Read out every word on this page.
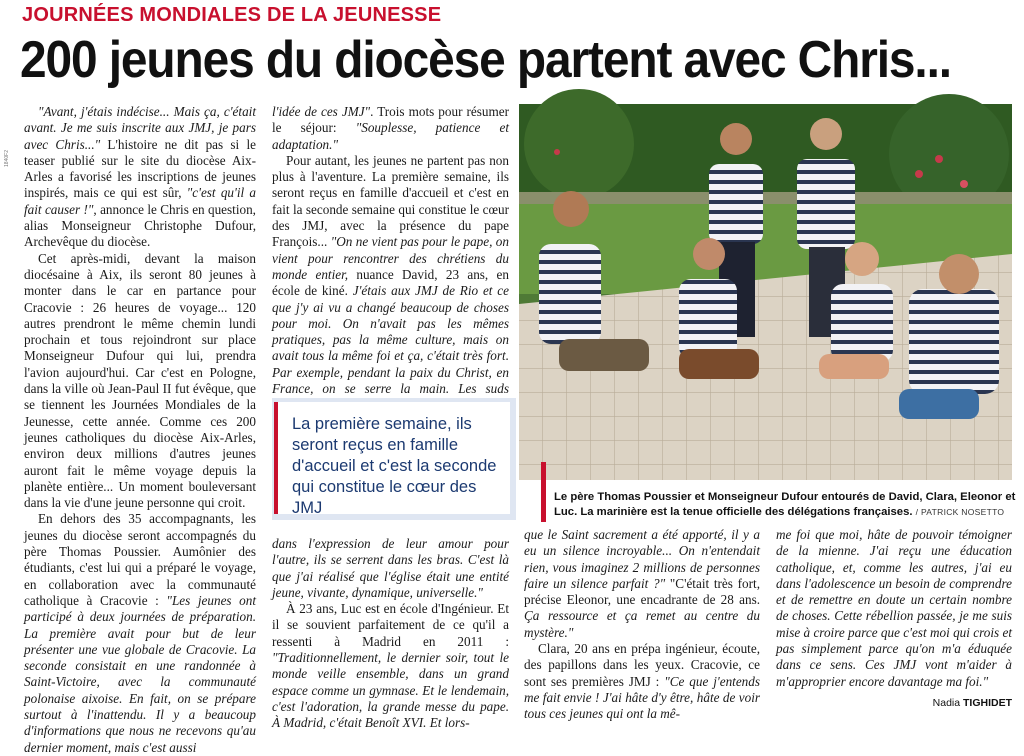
JOURNÉES MONDIALES DE LA JEUNESSE
200 jeunes du diocèse partent avec Chris...
1840F2

"Avant, j'étais indécise... Mais ça, c'était avant. Je me suis inscrite aux JMJ, je pars avec Chris..." L'histoire ne dit pas si le teaser publié sur le site du diocèse Aix-Arles a favorisé les inscriptions de jeunes inspirés, mais ce qui est sûr, "c'est qu'il a fait causer !", annonce le Chris en question, alias Monseigneur Christophe Dufour, Archevêque du diocèse.

Cet après-midi, devant la maison diocésaine à Aix, ils seront 80 jeunes à monter dans le car en partance pour Cracovie : 26 heures de voyage... 120 autres prendront le même chemin lundi prochain et tous rejoindront sur place Monseigneur Dufour qui lui, prendra l'avion aujourd'hui. Car c'est en Pologne, dans la ville où Jean-Paul II fut évêque, que se tiennent les Journées Mondiales de la Jeunesse, cette année. Comme ces 200 jeunes catholiques du diocèse Aix-Arles, environ deux millions d'autres jeunes auront fait le même voyage depuis la planète entière... Un moment bouleversant dans la vie d'une jeune personne qui croit.

En dehors des 35 accompagnants, les jeunes du diocèse seront accompagnés du père Thomas Poussier. Aumônier des étudiants, c'est lui qui a préparé le voyage, en collaboration avec la communauté catholique à Cracovie : "Les jeunes ont participé à deux journées de préparation. La première avait pour but de leur présenter une vue globale de Cracovie. La seconde consistait en une randonnée à Saint-Victoire, avec la communauté polonaise aixoise. En fait, on se prépare surtout à l'inattendu. Il y a beaucoup d'informations que nous ne recevons qu'au dernier moment, mais c'est aussi

l'idée de ces JMJ". Trois mots pour résumer le séjour: "Souplesse, patience et adaptation."

Pour autant, les jeunes ne partent pas non plus à l'aventure. La première semaine, ils seront reçus en famille d'accueil et c'est en fait la seconde semaine qui constitue le cœur des JMJ, avec la présence du pape François... "On ne vient pas pour le pape, on vient pour rencontrer des chrétiens du monde entier, nuance David, 23 ans, en école de kiné. J'étais aux JMJ de Rio et ce que j'y ai vu a changé beaucoup de choses pour moi. On n'avait pas les mêmes pratiques, pas la même culture, mais on avait tous la même foi et ça, c'était très fort. Par exemple, pendant la paix du Christ, en France, on se serre la main. Les suds

La première semaine, ils seront reçus en famille d'accueil et c'est la seconde qui constitue le cœur des JMJ
Le père Thomas Poussier et Monseigneur Dufour entourés de David, Clara, Eleonor et Luc. La marinière est la tenue officielle des délégations françaises. / PATRICK NOSETTO

dans l'expression de leur amour pour l'autre, ils se serrent dans les bras. C'est là que j'ai réalisé que l'église était une entité jeune, vivante, dynamique, universelle."

À 23 ans, Luc est en école d'Ingénieur. Et il se souvient parfaitement de ce qu'il a ressenti à Madrid en 2011 : "Traditionnellement, le dernier soir, tout le monde veille ensemble, dans un grand espace comme un gymnase. Et le lendemain, c'est l'adoration, la grande messe du pape. À Madrid, c'était Benoît XVI. Et lors-

que le Saint sacrement a été apporté, il y a eu un silence incroyable... On n'entendait rien, vous imaginez 2 millions de personnes faire un silence parfait ?" "C'était très fort, précise Eleonor, une encadrante de 28 ans. Ça ressource et ça remet au centre du mystère."

Clara, 20 ans en prépa ingénieur, écoute, des papillons dans les yeux. Cracovie, ce sont ses premières JMJ : "Ce que j'entends me fait envie ! J'ai hâte d'y être, hâte de voir tous ces jeunes qui ont la mê-

me foi que moi, hâte de pouvoir témoigner de la mienne. J'ai reçu une éducation catholique, et, comme les autres, j'ai eu dans l'adolescence un besoin de comprendre et de remettre en doute un certain nombre de choses. Cette rébellion passée, je me suis mise à croire parce que c'est moi qui crois et pas simplement parce qu'on m'a éduquée dans ce sens. Ces JMJ vont m'aider à m'approprier encore davantage ma foi."

Nadia TIGHIDET
